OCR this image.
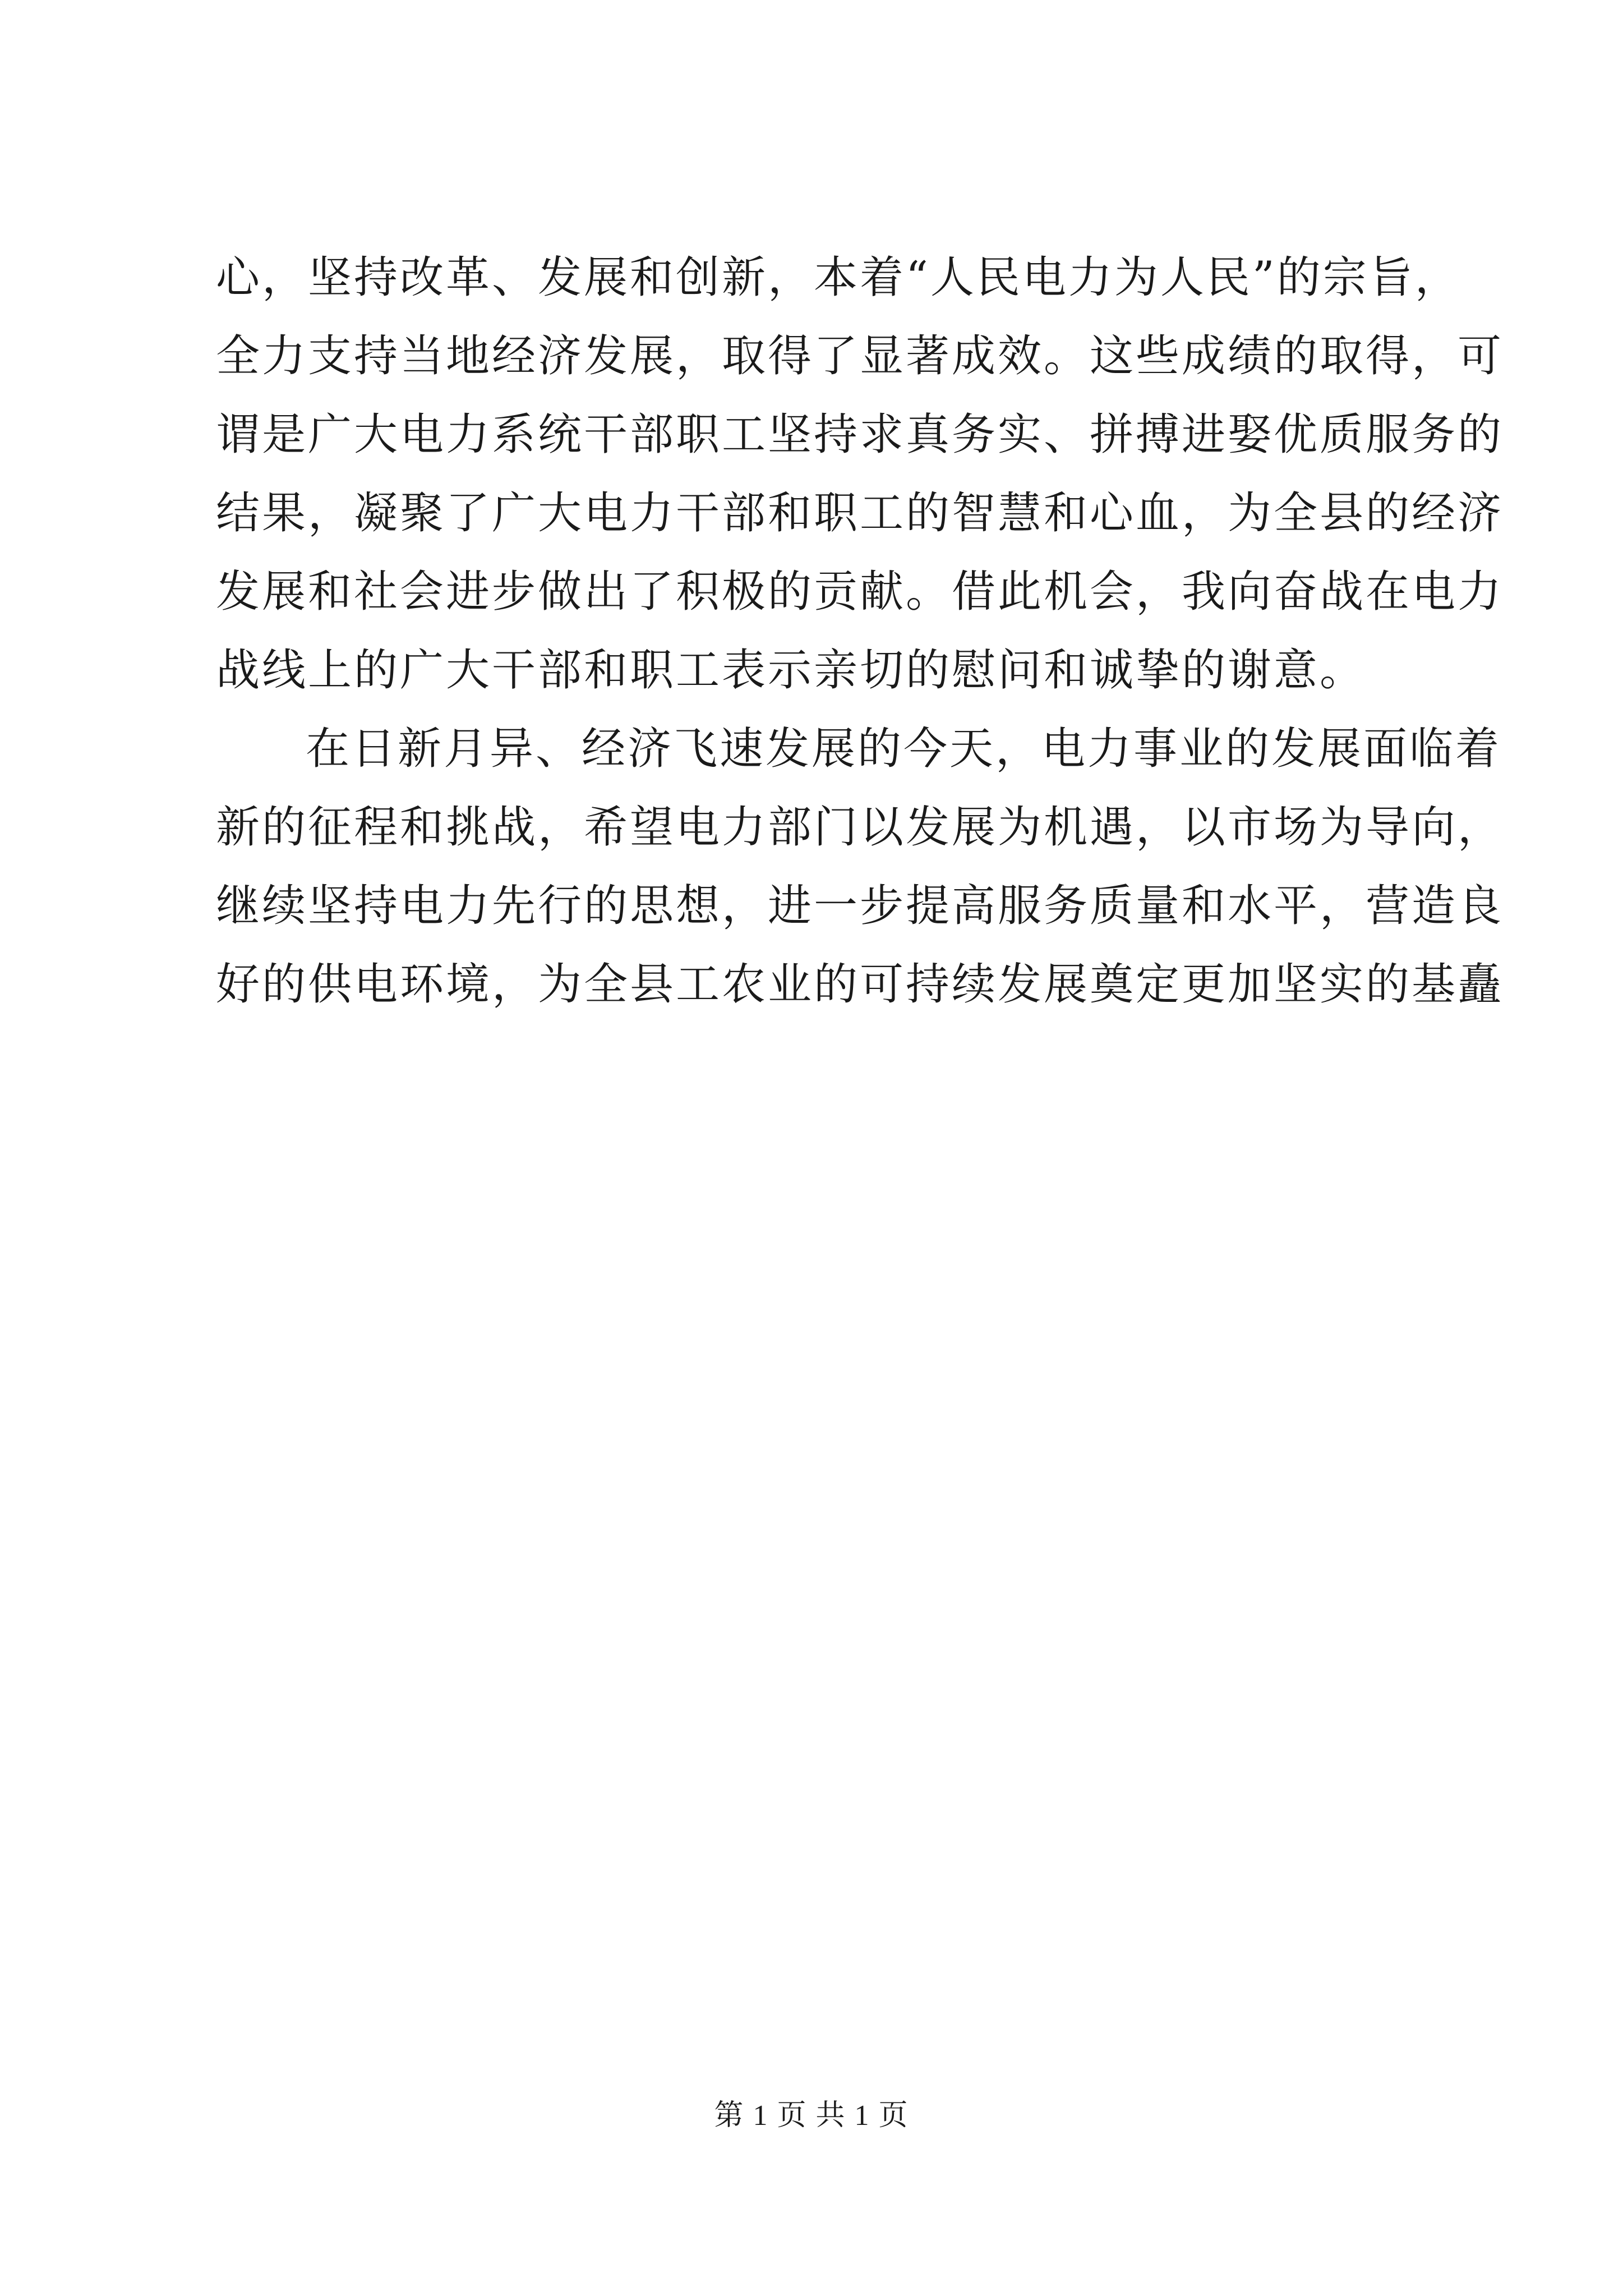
心，坚持改革、发展和创新，本着“人民电力为人民”的宗旨，
全力支持当地经济发展，取得了显著成效。这些成绩的取得，可
谓是广大电力系统干部职工坚持求真务实、拼搏进娶优质服务的
结果，凝聚了广大电力干部和职工的智慧和心血，为全县的经济
发展和社会进步做出了积极的贡献。借此机会，我向奋战在电力
战线上的广大干部和职工表示亲切的慰问和诚挚的谢意。
在日新月异、经济飞速发展的今天，电力事业的发展面临着
新的征程和挑战，希望电力部门以发展为机遇，以市场为导向，
继续坚持电力先行的思想，进一步提高服务质量和水平，营造良
好的供电环境，为全县工农业的可持续发展奠定更加坚实的基矗
第 1 页 共 1 页
